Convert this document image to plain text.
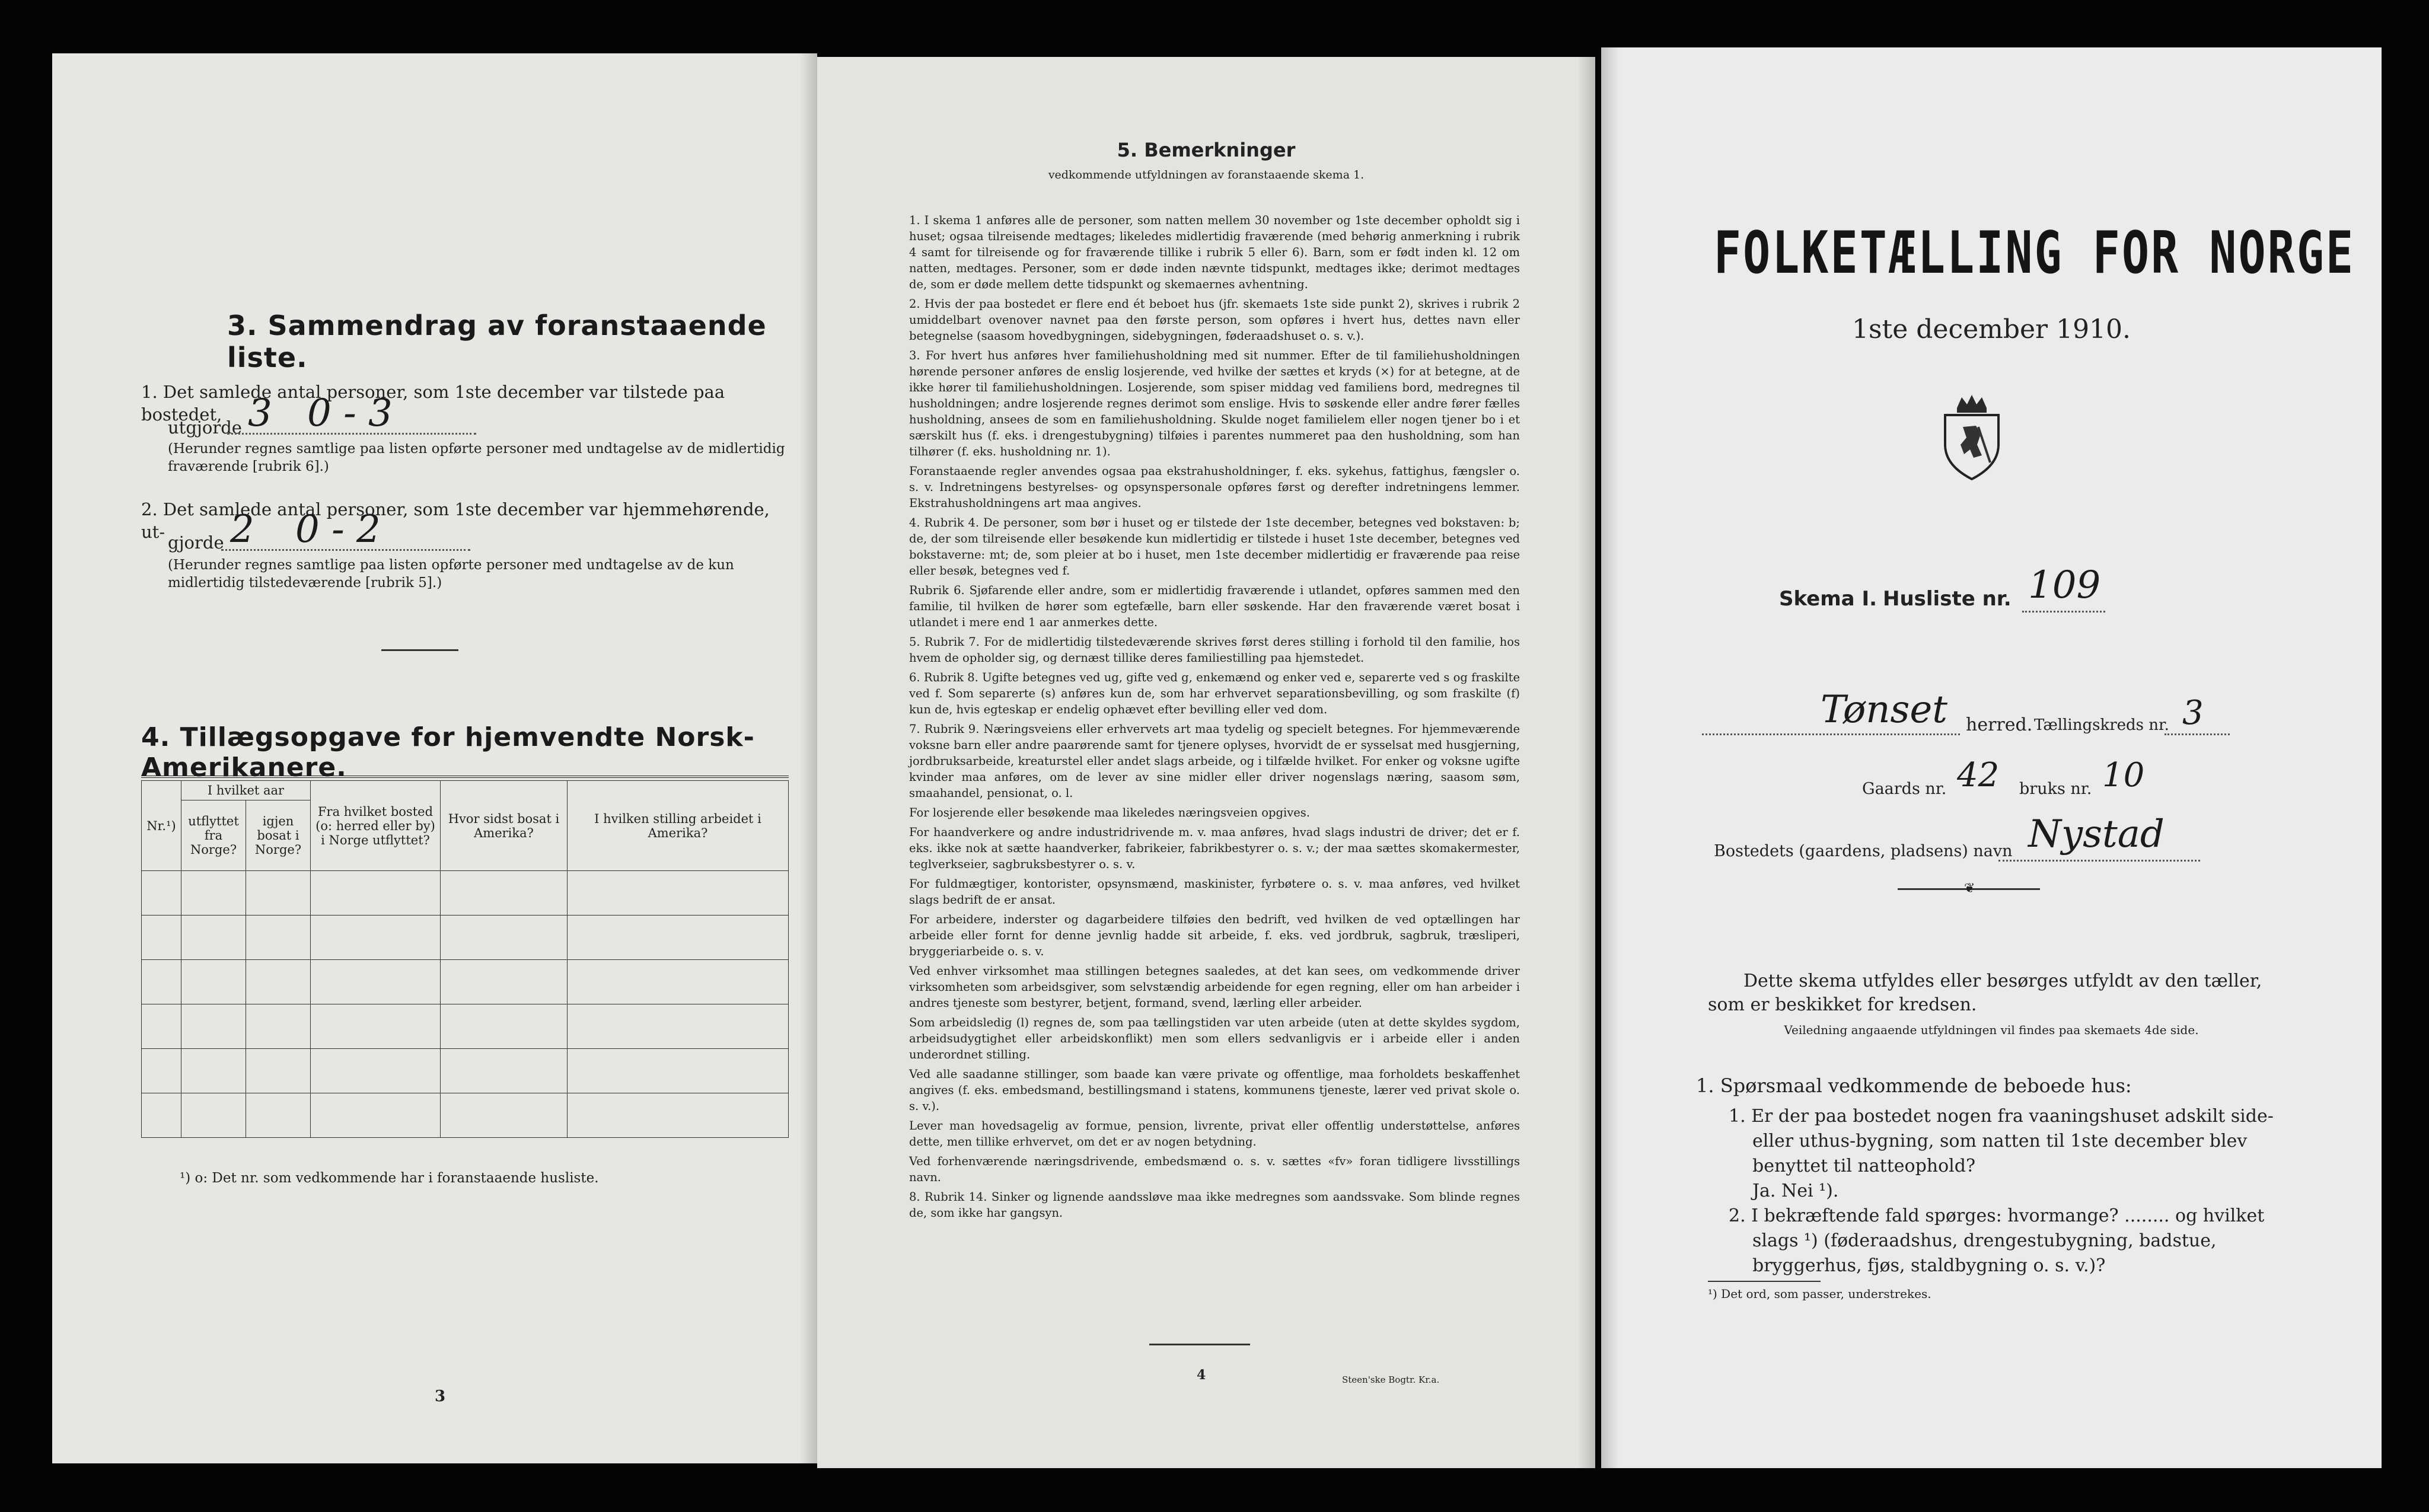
3. Sammendrag av foranstaaende liste.
1. Det samlede antal personer, som 1ste december var tilstede paa bostedet,
utgjorde 3 0 - 3
(Herunder regnes samtlige paa listen opførte personer med undtagelse av de midlertidig fraværende [rubrik 6].)
2. Det samlede antal personer, som 1ste december var hjemmehørende, ut-
gjorde 2 0 - 2
(Herunder regnes samtlige paa listen opførte personer med undtagelse av de kun midlertidig tilstedeværende [rubrik 5].)
4. Tillægsopgave for hjemvendte Norsk-Amerikanere.
Nr.¹)	I hvilket aar		Fra hvilket bosted (o: herred eller by) i Norge utflyttet?	Hvor sidst bosat i Amerika?	I hvilken stilling arbeidet i Amerika?
	utflyttet fra Norge?	igjen bosat i Norge?			

¹) o: Det nr. som vedkommende har i foranstaaende husliste.
3
5. Bemerkninger
vedkommende utfyldningen av foranstaaende skema 1.

1. I skema 1 anføres alle de personer, som natten mellem 30 november og 1ste december opholdt sig i huset; ogsaa tilreisende medtages; likeledes midlertidig fraværende (med behørig anmerkning i rubrik 4 samt for tilreisende og for fraværende tillike i rubrik 5 eller 6). Barn, som er født inden kl. 12 om natten, medtages. Personer, som er døde inden nævnte tidspunkt, medtages ikke; derimot medtages de, som er døde mellem dette tidspunkt og skemaernes avhentning.

2. Hvis der paa bostedet er flere end ét beboet hus (jfr. skemaets 1ste side punkt 2), skrives i rubrik 2 umiddelbart ovenover navnet paa den første person, som opføres i hvert hus, dettes navn eller betegnelse (saasom hovedbygningen, sidebygningen, føderaadshuset o. s. v.).

3. For hvert hus anføres hver familiehusholdning med sit nummer. Efter de til familiehusholdningen hørende personer anføres de enslig losjerende, ved hvilke der sættes et kryds (×) for at betegne, at de ikke hører til familiehusholdningen. Losjerende, som spiser middag ved familiens bord, medregnes til husholdningen; andre losjerende regnes derimot som enslige. Hvis to søskende eller andre fører fælles husholdning, ansees de som en familiehusholdning. Skulde noget familielem eller nogen tjener bo i et særskilt hus (f. eks. i drengestubygning) tilføies i parentes nummeret paa den husholdning, som han tilhører (f. eks. husholdning nr. 1).

Foranstaaende regler anvendes ogsaa paa ekstrahusholdninger, f. eks. sykehus, fattighus, fængsler o. s. v. Indretningens bestyrelses- og opsynspersonale opføres først og derefter indretningens lemmer. Ekstrahusholdningens art maa angives.

4. Rubrik 4. De personer, som bør i huset og er tilstede der 1ste december, betegnes ved bokstaven: b; de, der som tilreisende eller besøkende kun midlertidig er tilstede i huset 1ste december, betegnes ved bokstaverne: mt; de, som pleier at bo i huset, men 1ste december midlertidig er fraværende paa reise eller besøk, betegnes ved f.

Rubrik 6. Sjøfarende eller andre, som er midlertidig fraværende i utlandet, opføres sammen med den familie, til hvilken de hører som egtefælle, barn eller søskende. Har den fraværende været bosat i utlandet i mere end 1 aar anmerkes dette.

5. Rubrik 7. For de midlertidig tilstedeværende skrives først deres stilling i forhold til den familie, hos hvem de opholder sig, og dernæst tillike deres familiestilling paa hjemstedet.

6. Rubrik 8. Ugifte betegnes ved ug, gifte ved g, enkemænd og enker ved e, separerte ved s og fraskilte ved f. Som separerte (s) anføres kun de, som har erhvervet separationsbevilling, og som fraskilte (f) kun de, hvis egteskap er endelig ophævet efter bevilling eller ved dom.

7. Rubrik 9. Næringsveiens eller erhvervets art maa tydelig og specielt betegnes. For hjemmeværende voksne barn eller andre paarørende samt for tjenere oplyses, hvorvidt de er sysselsat med husgjerning, jordbruksarbeide, kreaturstel eller andet slags arbeide, og i tilfælde hvilket. For enker og voksne ugifte kvinder maa anføres, om de lever av sine midler eller driver nogenslags næring, saasom søm, smaahandel, pensionat, o. l.

For losjerende eller besøkende maa likeledes næringsveien opgives.

For haandverkere og andre industridrivende m. v. maa anføres, hvad slags industri de driver; det er f. eks. ikke nok at sætte haandverker, fabrikeier, fabrikbestyrer o. s. v.; der maa sættes skomakermester, teglverkseier, sagbruksbestyrer o. s. v.

For fuldmægtiger, kontorister, opsynsmænd, maskinister, fyrbøtere o. s. v. maa anføres, ved hvilket slags bedrift de er ansat.

For arbeidere, inderster og dagarbeidere tilføies den bedrift, ved hvilken de ved optællingen har arbeide eller fornt for denne jevnlig hadde sit arbeide, f. eks. ved jordbruk, sagbruk, træsliperi, bryggeriarbeide o. s. v.

Ved enhver virksomhet maa stillingen betegnes saaledes, at det kan sees, om vedkommende driver virksomheten som arbeidsgiver, som selvstændig arbeidende for egen regning, eller om han arbeider i andres tjeneste som bestyrer, betjent, formand, svend, lærling eller arbeider.

Som arbeidsledig (l) regnes de, som paa tællingstiden var uten arbeide (uten at dette skyldes sygdom, arbeidsudygtighet eller arbeidskonflikt) men som ellers sedvanligvis er i arbeide eller i anden underordnet stilling.

Ved alle saadanne stillinger, som baade kan være private og offentlige, maa forholdets beskaffenhet angives (f. eks. embedsmand, bestillingsmand i statens, kommunens tjeneste, lærer ved privat skole o. s. v.).

Lever man hovedsagelig av formue, pension, livrente, privat eller offentlig understøttelse, anføres dette, men tillike erhvervet, om det er av nogen betydning.

Ved forhenværende næringsdrivende, embedsmænd o. s. v. sættes «fv» foran tidligere livsstillings navn.

8. Rubrik 14. Sinker og lignende aandssløve maa ikke medregnes som aandssvake. Som blinde regnes de, som ikke har gangsyn.

4	Steen'ske Bogtr. Kr.a.
FOLKETÆLLING FOR NORGE
1ste december 1910.
Skema I. Husliste nr. 109
Tønset herred. Tællingskreds nr. 3
Gaards nr. 42 bruks nr. 10
Bostedets (gaardens, pladsens) navn Nystad
❦
Dette skema utfyldes eller besørges utfyldt av den tæller, som er beskikket for kredsen.
Veiledning angaaende utfyldningen vil findes paa skemaets 4de side.

1. Spørsmaal vedkommende de beboede hus:

1. Er der paa bostedet nogen fra vaaningshuset adskilt side- eller uthus-bygning, som natten til 1ste december blev benyttet til natteophold?

Ja. Nei ¹).

2. I bekræftende fald spørges: hvormange? ........ og hvilket slags ¹) (føderaadshus, drengestubygning, badstue, bryggerhus, fjøs, staldbygning o. s. v.)?

¹) Det ord, som passer, understrekes.
